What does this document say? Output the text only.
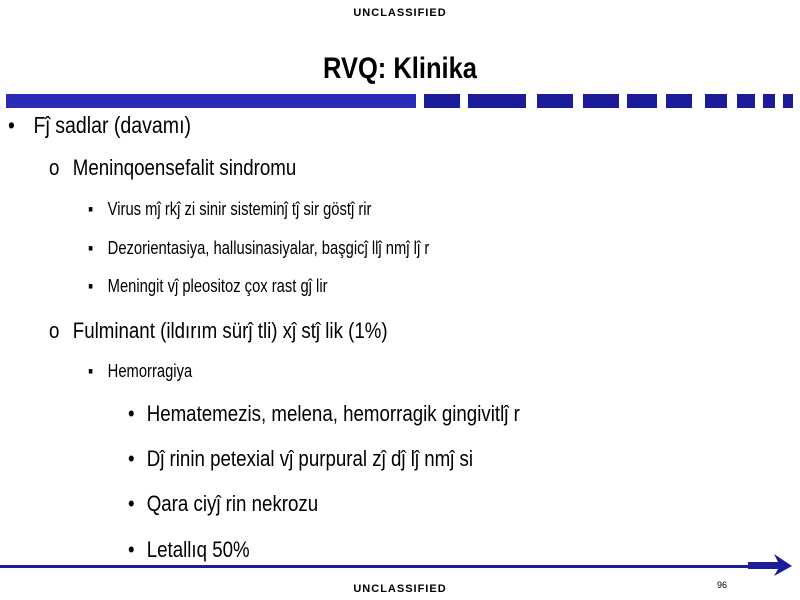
UNCLASSIFIED
RVQ: Klinika
• Fĵ sadlar (davamı)
o Meninqoensefalit sindromu
▪ Virus mĵ rkĵ zi sinir sisteminĵ tĵ sir göstĵ rir
▪ Dezorientasiya, hallusinasiyalar, başgicĵ llĵ nmĵ lĵ r
▪ Meningit vĵ pleositoz çox rast gĵ lir
o Fulminant (ildırım sürĵ tli) xĵ stĵ lik (1%)
▪ Hemorragiya
• Hematemezis, melena, hemorragik gingivitlĵ r
• Dĵ rinin petexial vĵ purpural zĵ dĵ lĵ nmĵ si
• Qara ciyĵ rin nekrozu
• Letallıq 50%
96
UNCLASSIFIED
